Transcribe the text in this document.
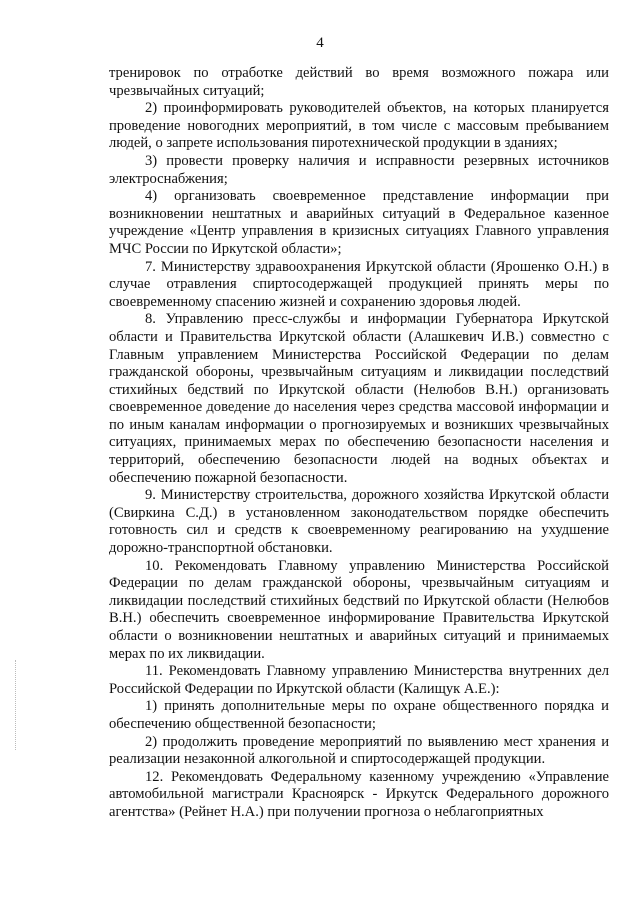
4

тренировок по отработке действий во время возможного пожара или чрезвычайных ситуаций;

2) проинформировать руководителей объектов, на которых планируется проведение новогодних мероприятий, в том числе с массовым пребыванием людей, о запрете использования пиротехнической продукции в зданиях;

3) провести проверку наличия и исправности резервных источников электроснабжения;

4) организовать своевременное представление информации при возникновении нештатных и аварийных ситуаций в Федеральное казенное учреждение «Центр управления в кризисных ситуациях Главного управления МЧС России по Иркутской области»;

7. Министерству здравоохранения Иркутской области (Ярошенко О.Н.) в случае отравления спиртосодержащей продукцией принять меры по своевременному спасению жизней и сохранению здоровья людей.

8. Управлению пресс-службы и информации Губернатора Иркутской области и Правительства Иркутской области (Алашкевич И.В.) совместно с Главным управлением Министерства Российской Федерации по делам гражданской обороны, чрезвычайным ситуациям и ликвидации последствий стихийных бедствий по Иркутской области (Нелюбов В.Н.) организовать своевременное доведение до населения через средства массовой информации и по иным каналам информации о прогнозируемых и возникших чрезвычайных ситуациях, принимаемых мерах по обеспечению безопасности населения и территорий, обеспечению безопасности людей на водных объектах и обеспечению пожарной безопасности.

9. Министерству строительства, дорожного хозяйства Иркутской области (Свиркина С.Д.) в установленном законодательством порядке обеспечить готовность сил и средств к своевременному реагированию на ухудшение дорожно-транспортной обстановки.

10. Рекомендовать Главному управлению Министерства Российской Федерации по делам гражданской обороны, чрезвычайным ситуациям и ликвидации последствий стихийных бедствий по Иркутской области (Нелюбов В.Н.) обеспечить своевременное информирование Правительства Иркутской области о возникновении нештатных и аварийных ситуаций и принимаемых мерах по их ликвидации.

11. Рекомендовать Главному управлению Министерства внутренних дел Российской Федерации по Иркутской области (Калищук А.Е.):

1) принять дополнительные меры по охране общественного порядка и обеспечению общественной безопасности;

2) продолжить проведение мероприятий по выявлению мест хранения и реализации незаконной алкогольной и спиртосодержащей продукции.

12. Рекомендовать Федеральному казенному учреждению «Управление автомобильной магистрали Красноярск - Иркутск Федерального дорожного агентства» (Рейнет Н.А.) при получении прогноза о неблагоприятных
